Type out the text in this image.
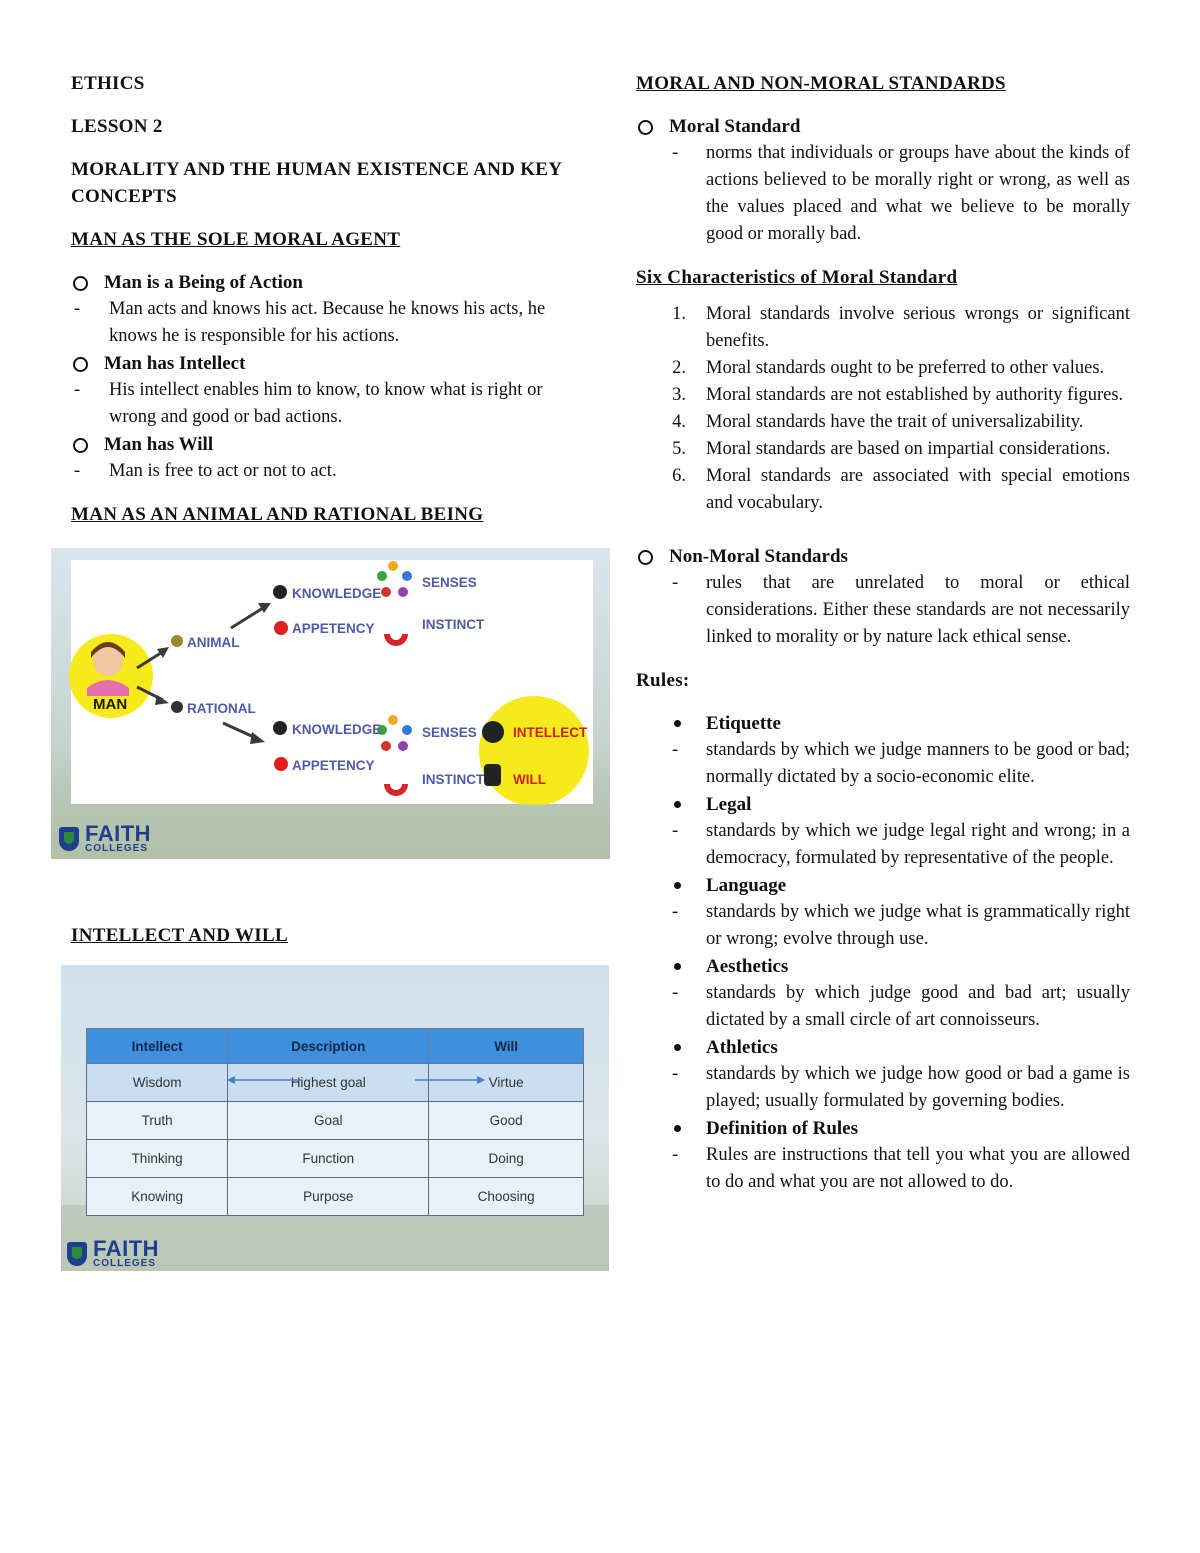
ETHICS

LESSON 2

MORALITY AND THE HUMAN EXISTENCE AND KEY CONCEPTS

MAN AS THE SOLE MORAL AGENT

Man is a Being of Action
-	Man acts and knows his act. Because he knows his acts, he knows he is responsible for his actions.
Man has Intellect
-	His intellect enables him to know, to know what is right or wrong and good or bad actions.
Man has Will
-	Man is free to act or not to act.

MAN AS AN ANIMAL AND RATIONAL BEING

MAN
ANIMAL
RATIONAL
KNOWLEDGE
APPETENCY
SENSES
INSTINCT
KNOWLEDGE
APPETENCY
SENSES
INSTINCT
INTELLECT
WILL
FAITH
COLLEGES

INTELLECT AND WILL

Intellect	Description	Will
Wisdom	Highest goal	Virtue
Truth	Goal	Good
Thinking	Function	Doing
Knowing	Purpose	Choosing
FAITH
COLLEGES

MORAL AND NON-MORAL STANDARDS

Moral Standard
-	norms that individuals or groups have about the kinds of actions believed to be morally right or wrong, as well as the values placed and what we believe to be morally good or morally bad.

Six Characteristics of Moral Standard

1.	Moral standards involve serious wrongs or significant benefits.
2.	Moral standards ought to be preferred to other values.
3.	Moral standards are not established by authority figures.
4.	Moral standards have the trait of universalizability.
5.	Moral standards are based on impartial considerations.
6.	Moral standards are associated with special emotions and vocabulary.
Non-Moral Standards
-	rules that are unrelated to moral or ethical considerations. Either these standards are not necessarily linked to morality or by nature lack ethical sense.

Rules:

Etiquette
-	standards by which we judge manners to be good or bad; normally dictated by a socio-economic elite.
Legal
-	standards by which we judge legal right and wrong; in a democracy, formulated by representative of the people.
Language
-	standards by which we judge what is grammatically right or wrong; evolve through use.
Aesthetics
-	standards by which judge good and bad art; usually dictated by a small circle of art connoisseurs.
Athletics
-	standards by which we judge how good or bad a game is played; usually formulated by governing bodies.
Definition of Rules
-	Rules are instructions that tell you what you are allowed to do and what you are not allowed to do.
